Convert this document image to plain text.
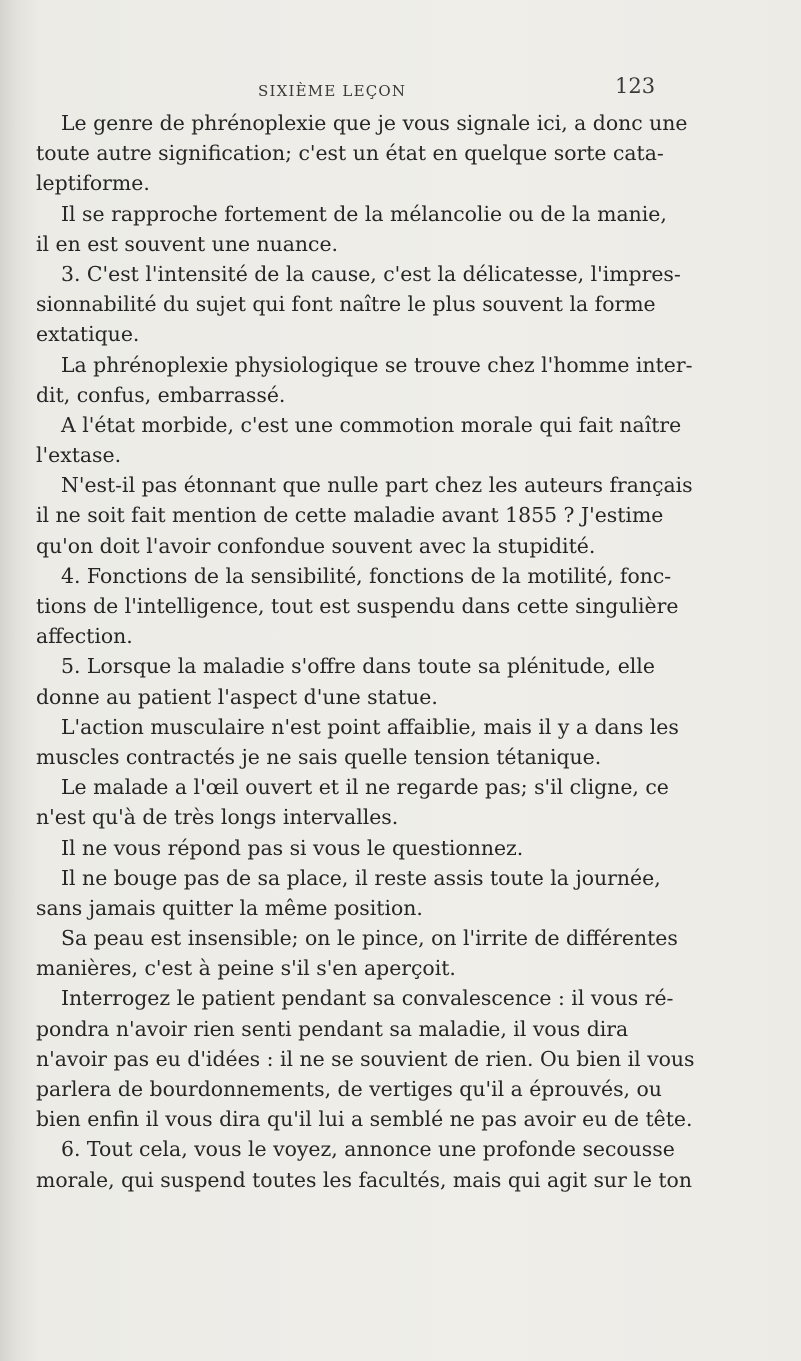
SIXIÈME LEÇON	123
Le genre de phrénoplexie que je vous signale ici, a donc une
toute autre signification; c'est un état en quelque sorte cata-
leptiforme.
Il se rapproche fortement de la mélancolie ou de la manie,
il en est souvent une nuance.
3. C'est l'intensité de la cause, c'est la délicatesse, l'impres-
sionnabilité du sujet qui font naître le plus souvent la forme
extatique.
La phrénoplexie physiologique se trouve chez l'homme inter-
dit, confus, embarrassé.
A l'état morbide, c'est une commotion morale qui fait naître
l'extase.
N'est-il pas étonnant que nulle part chez les auteurs français
il ne soit fait mention de cette maladie avant 1855 ? J'estime
qu'on doit l'avoir confondue souvent avec la stupidité.
4. Fonctions de la sensibilité, fonctions de la motilité, fonc-
tions de l'intelligence, tout est suspendu dans cette singulière
affection.
5. Lorsque la maladie s'offre dans toute sa plénitude, elle
donne au patient l'aspect d'une statue.
L'action musculaire n'est point affaiblie, mais il y a dans les
muscles contractés je ne sais quelle tension tétanique.
Le malade a l'œil ouvert et il ne regarde pas; s'il cligne, ce
n'est qu'à de très longs intervalles.
Il ne vous répond pas si vous le questionnez.
Il ne bouge pas de sa place, il reste assis toute la journée,
sans jamais quitter la même position.
Sa peau est insensible; on le pince, on l'irrite de différentes
manières, c'est à peine s'il s'en aperçoit.
Interrogez le patient pendant sa convalescence : il vous ré-
pondra n'avoir rien senti pendant sa maladie, il vous dira
n'avoir pas eu d'idées : il ne se souvient de rien. Ou bien il vous
parlera de bourdonnements, de vertiges qu'il a éprouvés, ou
bien enfin il vous dira qu'il lui a semblé ne pas avoir eu de tête.
6. Tout cela, vous le voyez, annonce une profonde secousse
morale, qui suspend toutes les facultés, mais qui agit sur le ton
